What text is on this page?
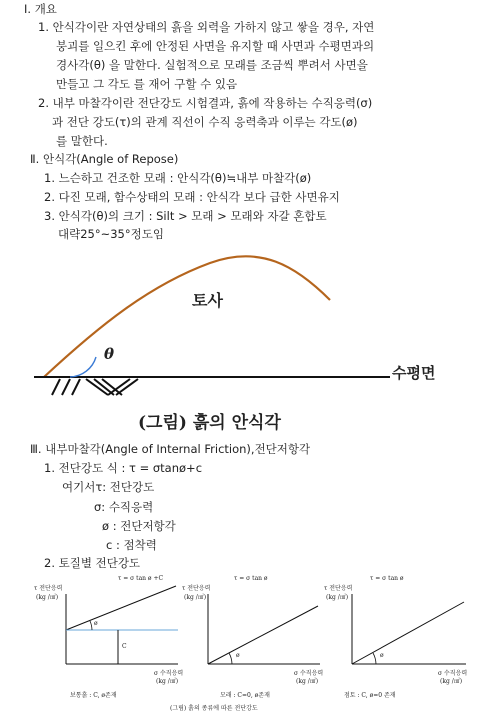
Ⅰ. 개요
1. 안식각이란 자연상태의 흙을 외력을 가하지 않고 쌓을 경우, 자연
붕괴를 일으킨 후에 안정된 사면을 유지할 때 사면과 수평면과의
경사각(θ) 을 말한다. 실험적으로 모래를 조금씩 뿌려서 사면을
만들고 그 각도 를 재어 구할 수 있음
2. 내부 마찰각이란 전단강도 시험결과, 흙에 작용하는 수직응력(σ)
과 전단 강도(τ)의 관계 직선이 수직 응력축과 이루는 각도(ø)
를 말한다.
Ⅱ. 안식각(Angle of Repose)
1. 느슨하고 건조한 모래 : 안식각(θ)≒내부 마찰각(ø)
2. 다진 모래, 함수상태의 모래 : 안식각 보다 급한 사면유지
3. 안식각(θ)의 크기 : Silt > 모래 > 모래와 자갈 혼합토
대략25°~35°정도임
토사
θ
수평면
(그림) 흙의 안식각
Ⅲ. 내부마찰각(Angle of Internal Friction),전단저항각
1. 전단강도 식 : τ = σtanø+c
여기서τ: 전단강도
σ: 수직응력
ø : 전단저항각
c : 점착력
2. 토질별 전단강도
τ = σ tan ø +C
τ 전단응력
(kg /㎠)
ø
C
σ 수직응력
(kg /㎠)
보통흙 : C, ø존재
τ = σ tan ø
τ 전단응력
(kg /㎠)
ø
σ 수직응력
(kg /㎠)
모래 : C=0, ø존재
τ = σ tan ø
τ 전단응력
(kg /㎠)
ø
σ 수직응력
(kg /㎠)
점토 : C, ø=0 존재
(그림) 흙의 종류에 따른 전단강도
